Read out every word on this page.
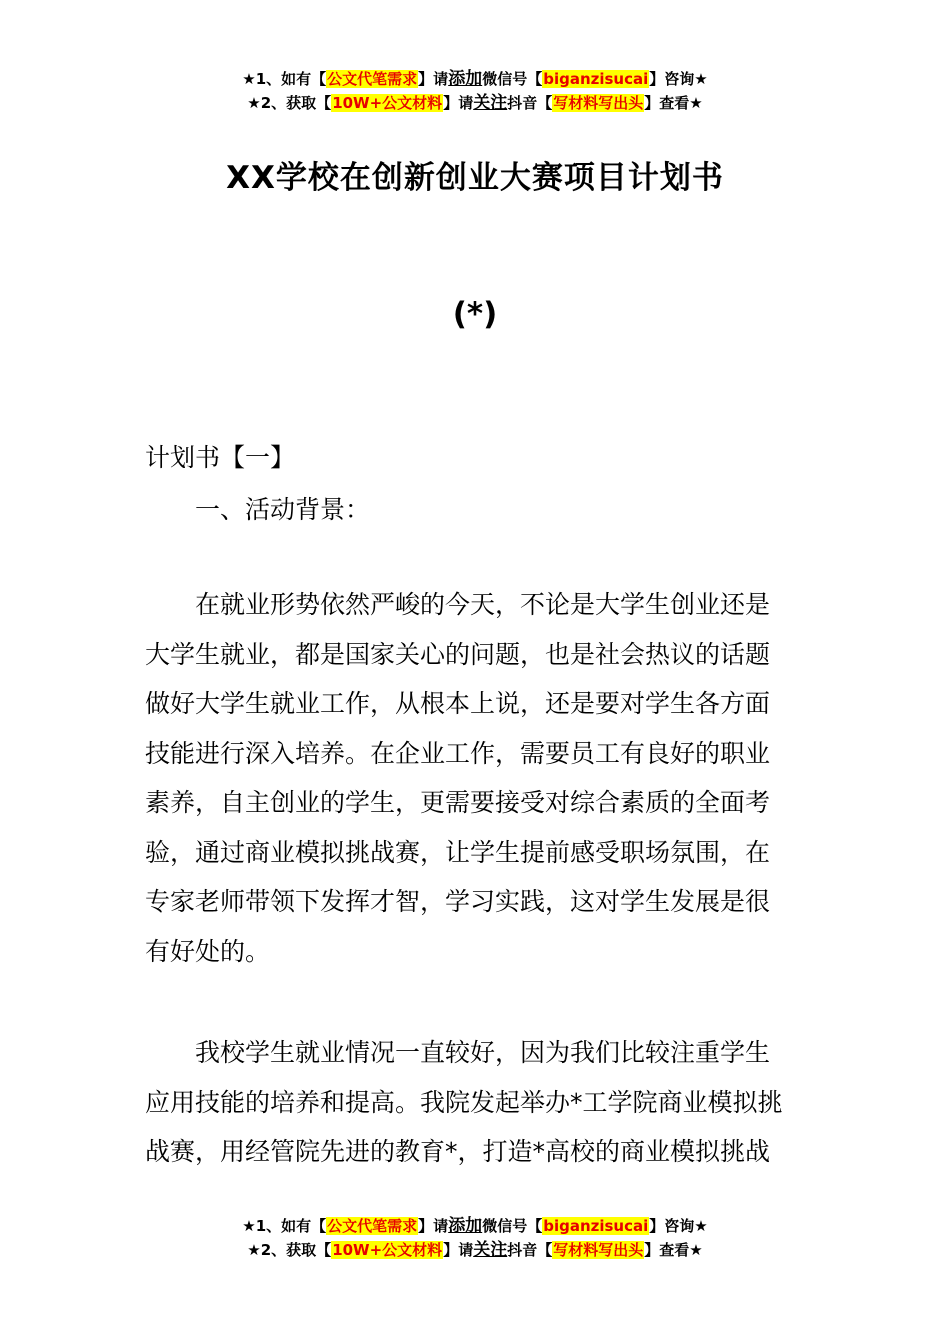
★1、如有【公文代笔需求】请添加微信号【biganzisucai】咨询★
★2、获取【10W+公文材料】请关注抖音【写材料写出头】查看★
XX学校在创新创业大赛项目计划书
(*)
计划书【一】
一、活动背景：
在就业形势依然严峻的今天，不论是大学生创业还是
大学生就业，都是国家关心的问题，也是社会热议的话题
做好大学生就业工作，从根本上说，还是要对学生各方面
技能进行深入培养。在企业工作，需要员工有良好的职业
素养，自主创业的学生，更需要接受对综合素质的全面考
验，通过商业模拟挑战赛，让学生提前感受职场氛围，在
专家老师带领下发挥才智，学习实践，这对学生发展是很
有好处的。
我校学生就业情况一直较好，因为我们比较注重学生
应用技能的培养和提高。我院发起举办*工学院商业模拟挑
战赛，用经管院先进的教育*，打造*高校的商业模拟挑战
★1、如有【公文代笔需求】请添加微信号【biganzisucai】咨询★
★2、获取【10W+公文材料】请关注抖音【写材料写出头】查看★
